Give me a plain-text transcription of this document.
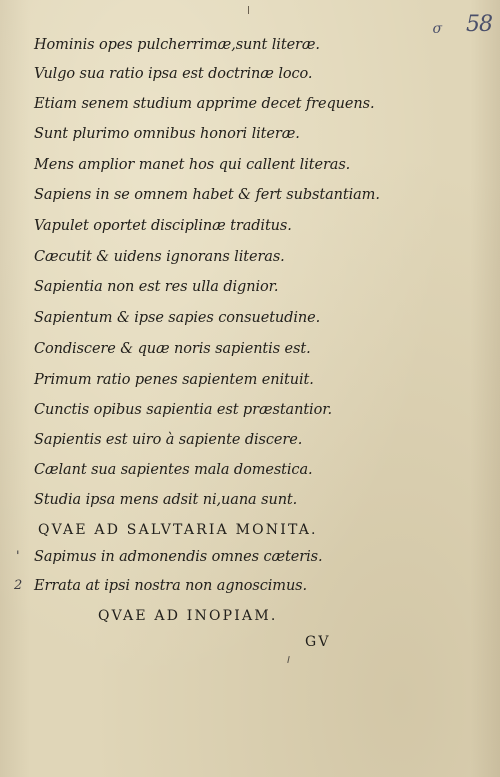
σ
58
Hominis opes pulcherrimæ,sunt literæ.
Vulgo sua ratio ipsa est doctrinæ loco.
Etiam senem studium apprime decet frequens.
Sunt plurimo omnibus honori literæ.
Mens amplior manet hos qui callent literas.
Sapiens in se omnem habet & fert substantiam.
Vapulet oportet disciplinæ traditus.
Cæcutit & uidens ignorans literas.
Sapientia non est res ulla dignior.
Sapientum & ipse sapies consuetudine.
Condiscere & quæ noris sapientis est.
Primum ratio penes sapientem enituit.
Cunctis opibus sapientia est præstantior.
Sapientis est uiro à sapiente discere.
Cælant sua sapientes mala domestica.
Studia ipsa mens adsit ni,uana sunt.
QVAE AD SALVTARIA MONITA.
' Sapimus in admonendis omnes cæteris.
2 Errata at ipsi nostra non agnoscimus.
QVAE AD INOPIAM.
GV
